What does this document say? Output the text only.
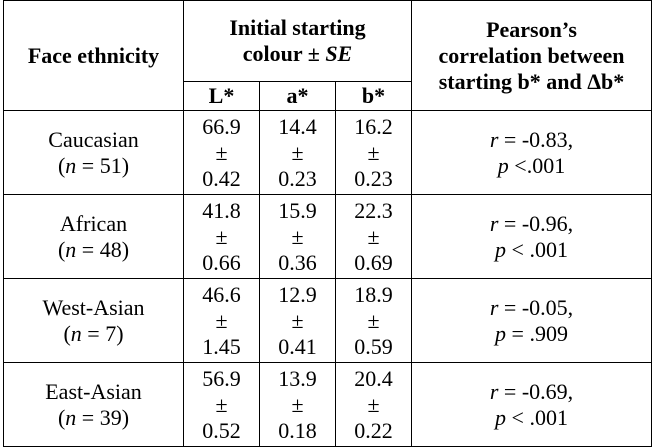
Face ethnicity	Initial starting
colour ± SE			Pearson’s
correlation between
starting b* and Δb*

	L*	a*	b*	

Caucasian
(n = 51)	66.9
±
0.42	14.4
±
0.23	16.2
±
0.23	r = -0.83,
p <.001

African
(n = 48)	41.8
±
0.66	15.9
±
0.36	22.3
±
0.69	r = -0.96,
p < .001

West-Asian
(n = 7)	46.6
±
1.45	12.9
±
0.41	18.9
±
0.59	r = -0.05,
p = .909

East-Asian
(n = 39)	56.9
±
0.52	13.9
±
0.18	20.4
±
0.22	r = -0.69,
p < .001
